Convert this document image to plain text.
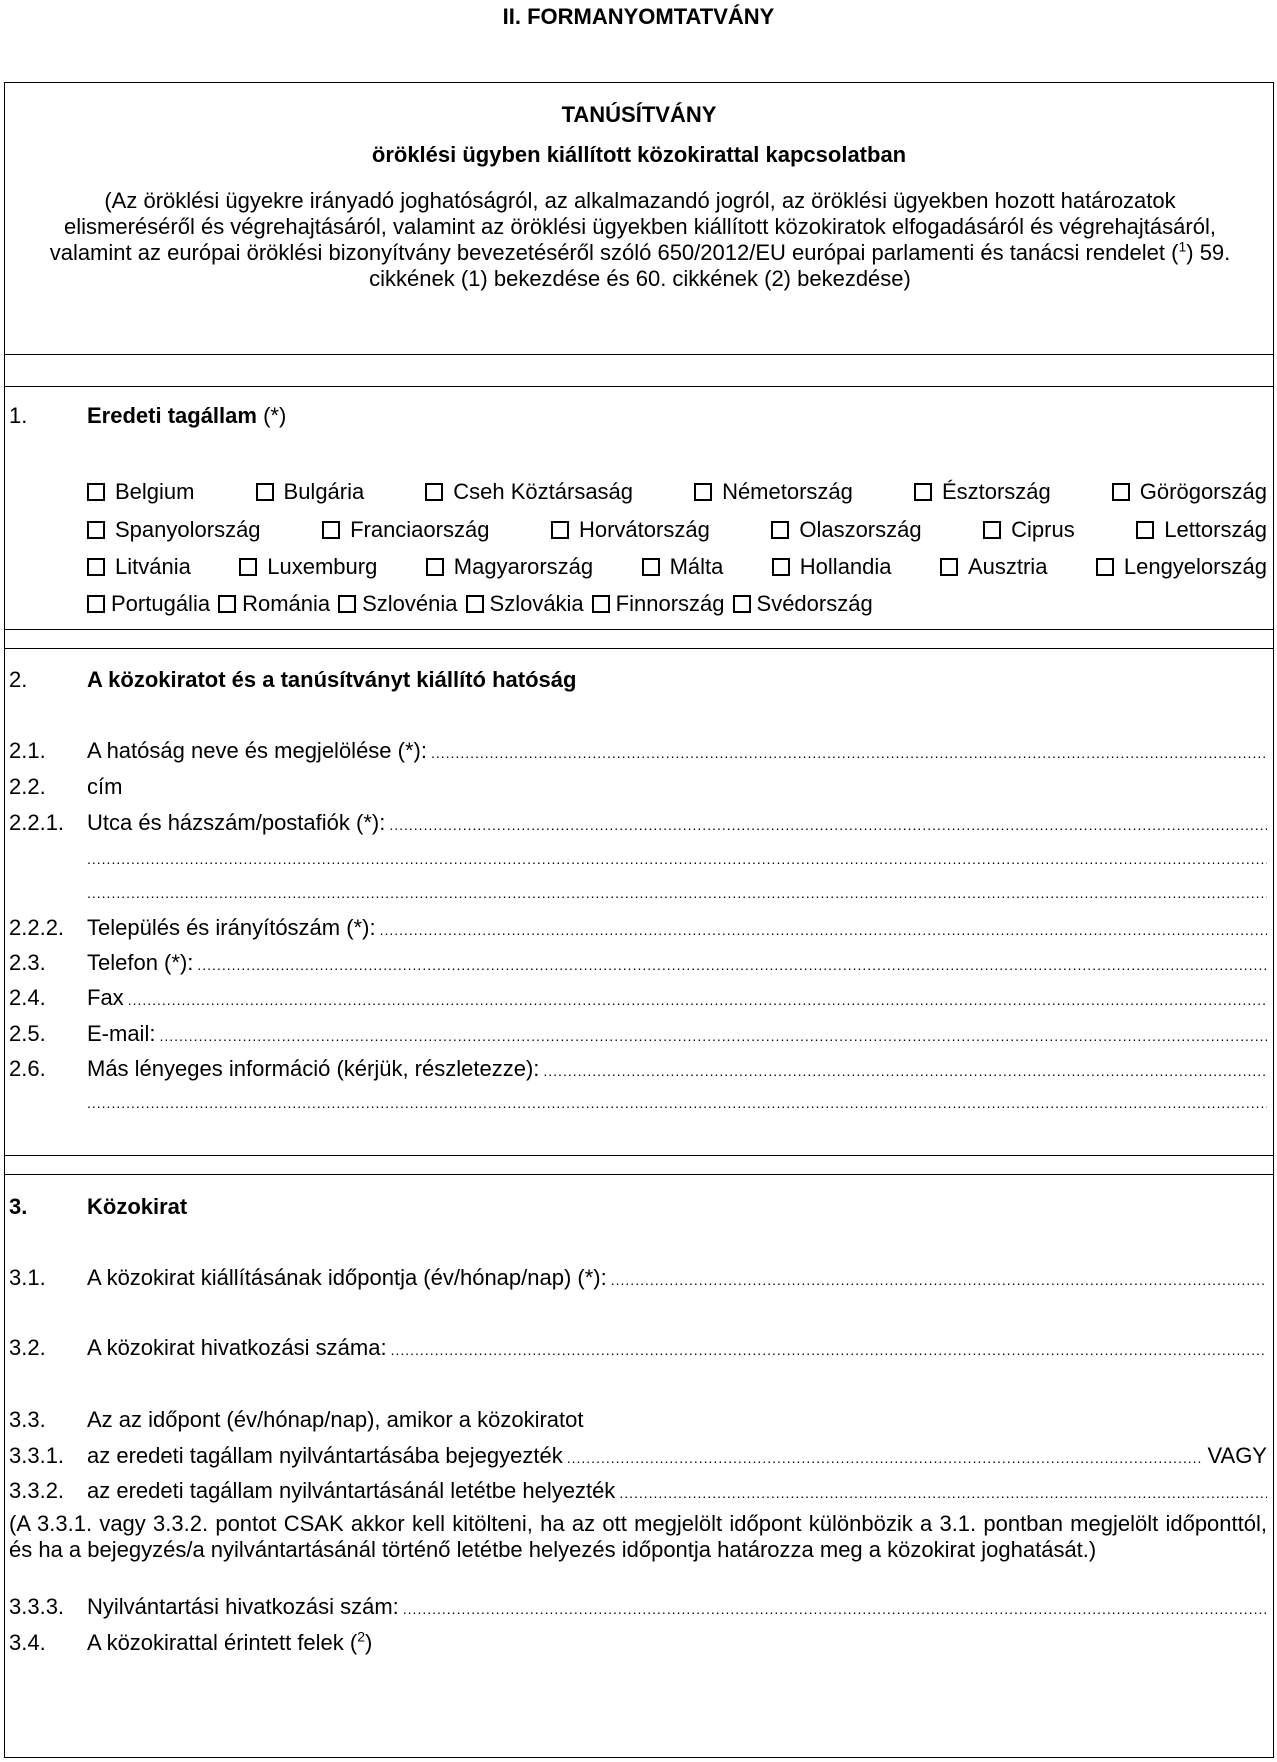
II. FORMANYOMTATVÁNY
TANÚSÍTVÁNY
öröklési ügyben kiállított közokirattal kapcsolatban
(Az öröklési ügyekre irányadó joghatóságról, az alkalmazandó jogról, az öröklési ügyekben hozott határozatok elismeréséről és végrehajtásáról, valamint az öröklési ügyekben kiállított közokiratok elfogadásáról és végrehajtásáról, valamint az európai öröklési bizonyítvány bevezetéséről szóló 650/2012/EU európai parlamenti és tanácsi rendelet ($^1$) 59. cikkének (1) bekezdése és 60. cikkének (2) bekezdése)
1.	Eredeti tagállam (*)
Belgium	Bulgária	Cseh Köztársaság	Németország	Észtország	Görögország
Spanyolország	Franciaország	Horvátország	Olaszország	Ciprus	Lettország
Litvánia	Luxemburg	Magyarország	Málta	Hollandia	Ausztria	Lengyelország
Portugália Románia Szlovénia Szlovákia Finnország Svédország
2.	A közokiratot és a tanúsítványt kiállító hatóság
2.1. A hatóság neve és megjelölése (*):
.....
2.2. cím
2.2.1. Utca és házszám/postafiók (*):
.....
.....
.....
2.2.2. Település és irányítószám (*):
.....
2.3. Telefon (*):
.....
2.4. Fax
.....
2.5. E-mail:
.....
2.6. Más lényeges információ (kérjük, részletezze):
.....
.....
3.	Közokirat
3.1. A közokirat kiállításának időpontja (év/hónap/nap) (*):
.....
3.2. A közokirat hivatkozási száma:
.....
3.3. Az az időpont (év/hónap/nap), amikor a közokiratot
3.3.1. az eredeti tagállam nyilvántartásába bejegyezték
.....	VAGY
3.3.2. az eredeti tagállam nyilvántartásánál letétbe helyezték
.....
(A 3.3.1. vagy 3.3.2. pontot CSAK akkor kell kitölteni, ha az ott megjelölt időpont különbözik a 3.1. pontban megjelölt időponttól, és ha a bejegyzés/a nyilvántartásánál történő letétbe helyezés időpontja határozza meg a közokirat joghatását.)
3.3.3. Nyilvántartási hivatkozási szám:
.....
3.4. A közokirattal érintett felek ($^2$)
